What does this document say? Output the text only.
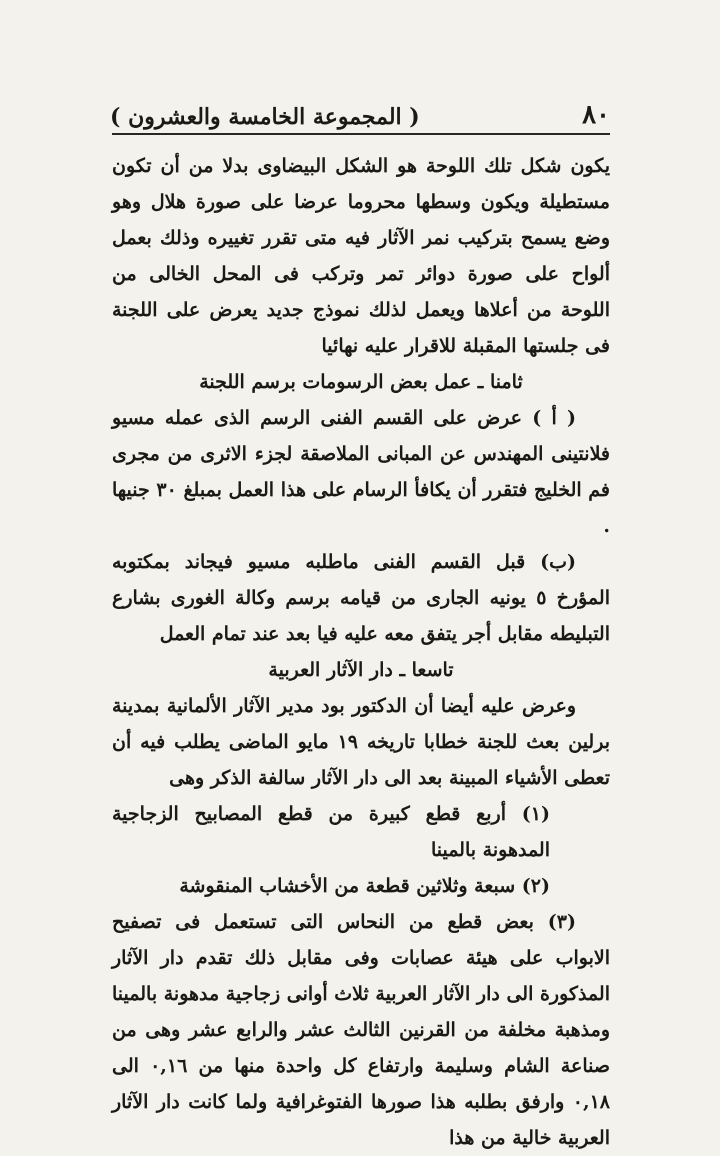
٨٠
( المجموعة الخامسة والعشرون )

يكون شكل تلك اللوحة هو الشكل البيضاوى بدلا من أن تكون مستطيلة ويكون وسطها محروما عرضا على صورة هلال وهو وضع يسمح بتركيب نمر الآثار فيه متى تقرر تغييره وذلك بعمل ألواح على صورة دوائر تمر وتركب فى المحل الخالى من اللوحة من أعلاها ويعمل لذلك نموذج جديد يعرض على اللجنة فى جلستها المقبلة للاقرار عليه نهائيا

ثامنا ـ عمل بعض الرسومات برسم اللجنة

( أ ) عرض على القسم الفنى الرسم الذى عمله مسيو فلانتينى المهندس عن المبانى الملاصقة لجزء الاثرى من مجرى فم الخليج فتقرر أن يكافأ الرسام على هذا العمل بمبلغ ٣٠ جنيها .

(ب) قبل القسم الفنى ماطلبه مسيو فيجاند بمكتوبه المؤرخ ٥ يونيه الجارى من قيامه برسم وكالة الغورى بشارع التبليطه مقابل أجر يتفق معه عليه فيا بعد عند تمام العمل

تاسعا ـ دار الآثار العربية

وعرض عليه أيضا أن الدكتور بود مدير الآثار الألمانية بمدينة برلين بعث للجنة خطابا تاريخه ١٩ مايو الماضى يطلب فيه أن تعطى الأشياء المبينة بعد الى دار الآثار سالفة الذكر وهى

(١) أربع قطع كبيرة من قطع المصابيح الزجاجية المدهونة بالمينا

(٢) سبعة وثلاثين قطعة من الأخشاب المنقوشة

(٣) بعض قطع من النحاس التى تستعمل فى تصفيح الابواب على هيئة عصابات وفى مقابل ذلك تقدم دار الآثار المذكورة الى دار الآثار العربية ثلاث أوانى زجاجية مدهونة بالمينا ومذهبة مخلفة من القرنين الثالث عشر والرابع عشر وهى من صناعة الشام وسليمة وارتفاع كل واحدة منها من ٠,١٦ الى ٠,١٨ وارفق بطلبه هذا صورها الفتوغرافية ولما كانت دار الآثار العربية خالية من هذا
